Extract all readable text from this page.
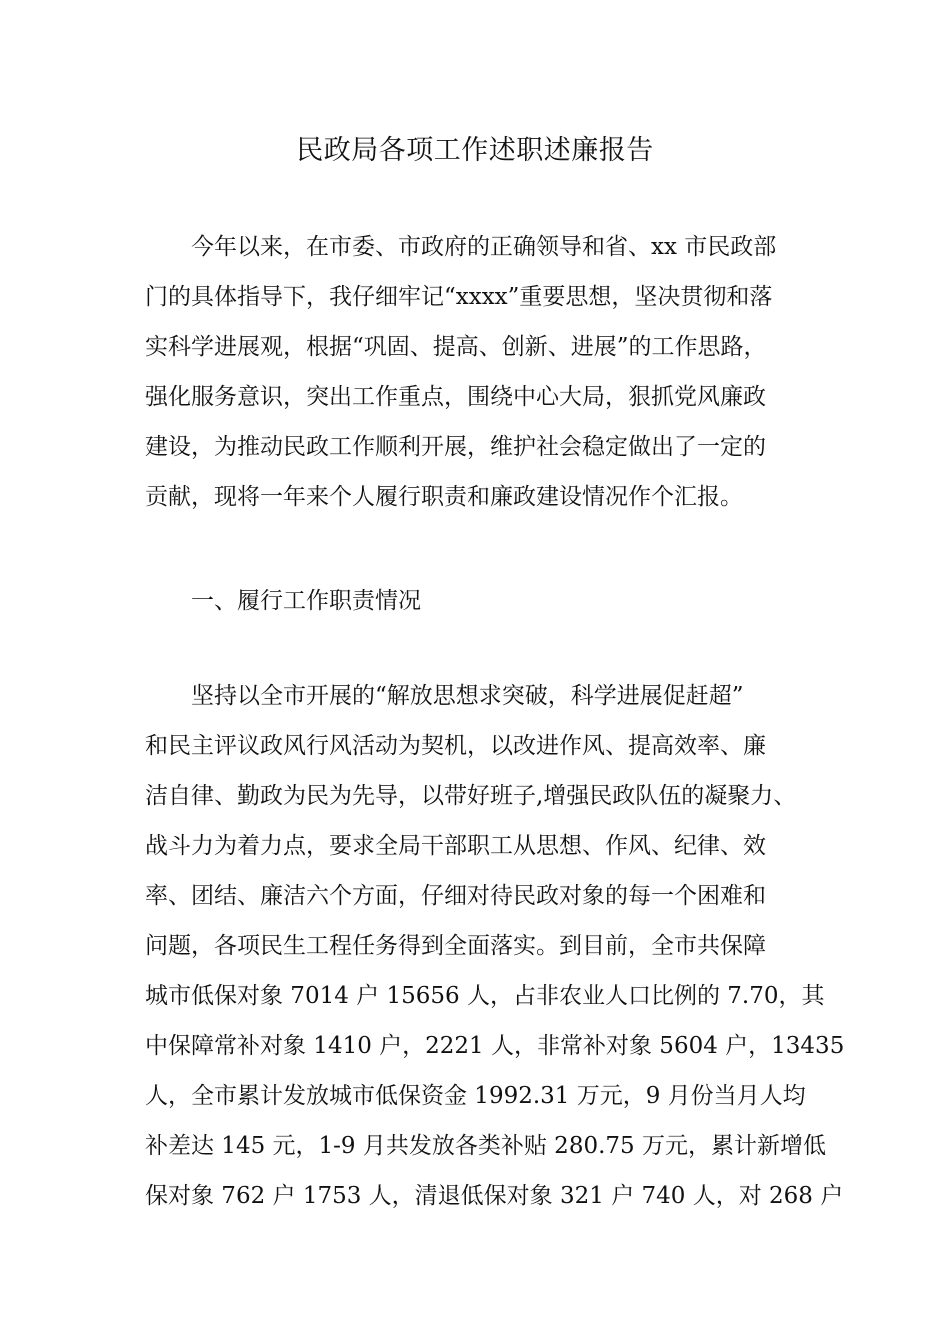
民政局各项工作述职述廉报告

今年以来，在市委、市政府的正确领导和省、xx 市民政部
门的具体指导下，我仔细牢记“xxxx”重要思想，坚决贯彻和落
实科学进展观，根据“巩固、提高、创新、进展”的工作思路，
强化服务意识，突出工作重点，围绕中心大局，狠抓党风廉政
建设，为推动民政工作顺利开展，维护社会稳定做出了一定的
贡献，现将一年来个人履行职责和廉政建设情况作个汇报。

一、履行工作职责情况

坚持以全市开展的“解放思想求突破，科学进展促赶超”
和民主评议政风行风活动为契机，以改进作风、提高效率、廉
洁自律、勤政为民为先导，以带好班子,增强民政队伍的凝聚力、
战斗力为着力点，要求全局干部职工从思想、作风、纪律、效
率、团结、廉洁六个方面，仔细对待民政对象的每一个困难和
问题，各项民生工程任务得到全面落实。到目前，全市共保障
城市低保对象 7014 户 15656 人，占非农业人口比例的 7.70，其
中保障常补对象 1410 户，2221 人，非常补对象 5604 户，13435
人，全市累计发放城市低保资金 1992.31 万元，9 月份当月人均
补差达 145 元，1-9 月共发放各类补贴 280.75 万元，累计新增低
保对象 762 户 1753 人，清退低保对象 321 户 740 人，对 268 户
